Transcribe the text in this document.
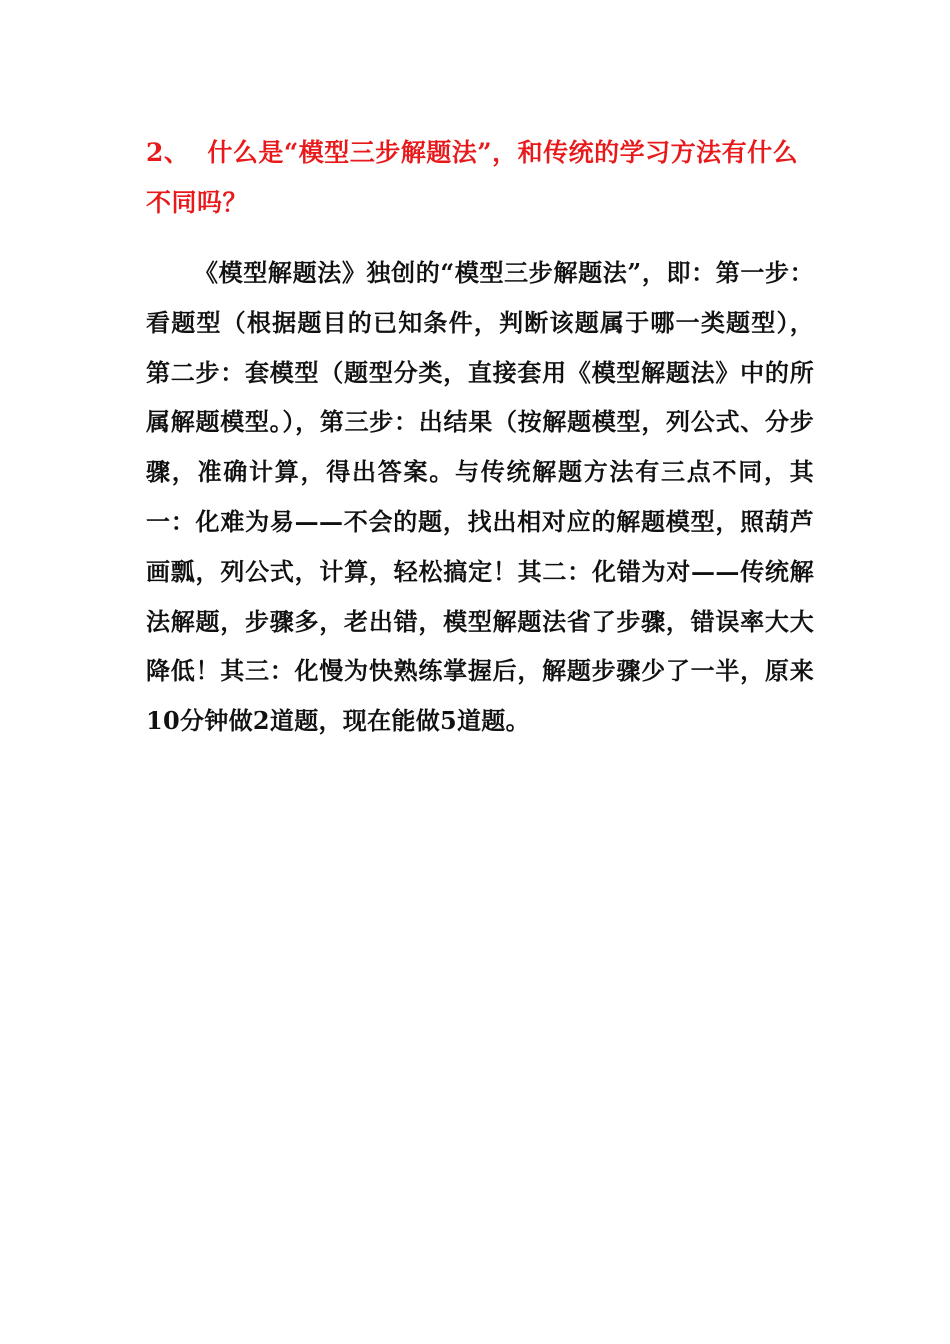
2、 什么是“模型三步解题法”，和传统的学习方法有什么不同吗？

《模型解题法》独创的“模型三步解题法”，即：第一步：看题型（根据题目的已知条件，判断该题属于哪一类题型），第二步：套模型（题型分类，直接套用《模型解题法》中的所属解题模型。），第三步：出结果（按解题模型，列公式、分步骤，准确计算，得出答案。与传统解题方法有三点不同，其一：化难为易——不会的题，找出相对应的解题模型，照葫芦画瓢，列公式，计算，轻松搞定！其二：化错为对——传统解法解题，步骤多，老出错，模型解题法省了步骤，错误率大大降低！其三：化慢为快熟练掌握后，解题步骤少了一半，原来10分钟做2道题，现在能做5道题。
